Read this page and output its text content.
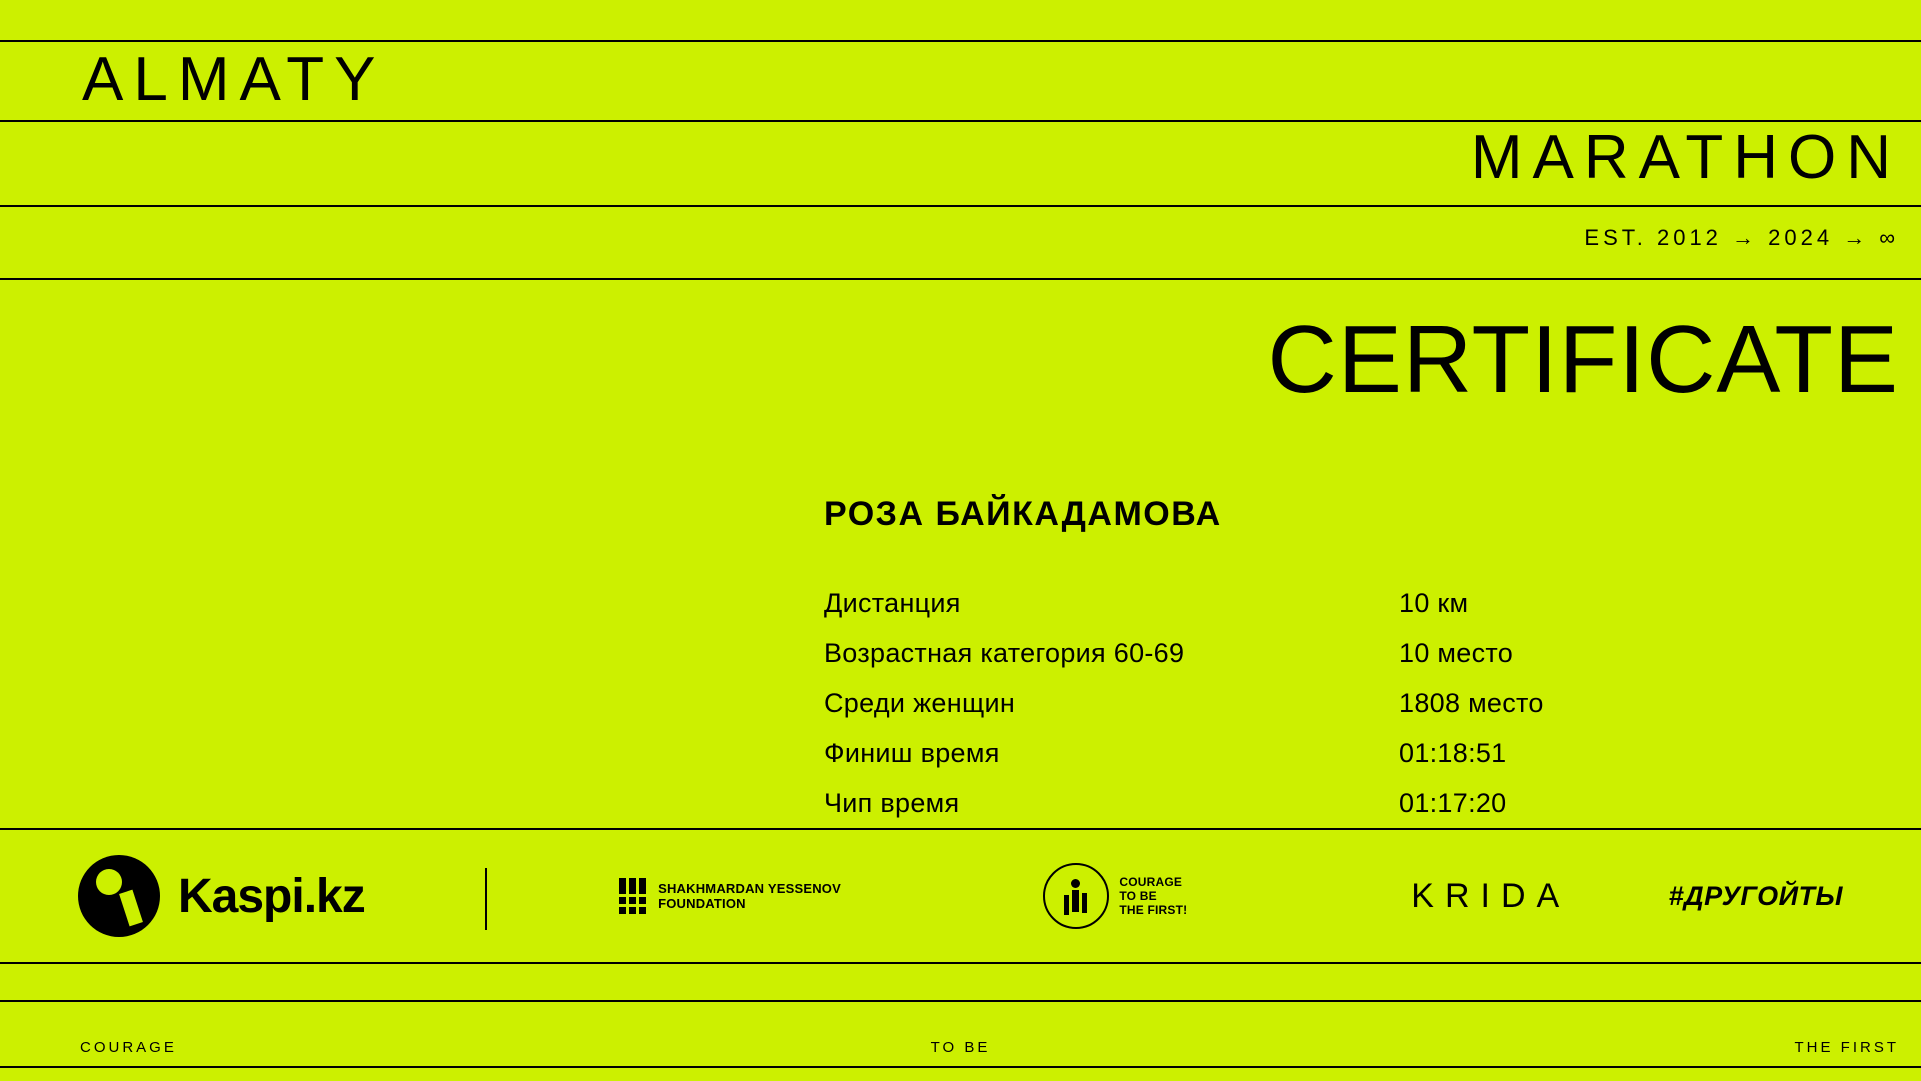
ALMATY
MARATHON
EST. 2012 → 2024 → ∞
CERTIFICATE
РОЗА БАЙКАДАМОВА
Дистанция	10 км
Возрастная категория 60-69	10 место
Среди женщин	1808 место
Финиш время	01:18:51
Чип время	01:17:20
Kaspi.kz	SHAKHMARDAN YESSENOV
FOUNDATION
COURAGE
TO BE
THE FIRST!	KRIDA	#ДРУГОЙТЫ
COURAGE	TO BE	THE FIRST
